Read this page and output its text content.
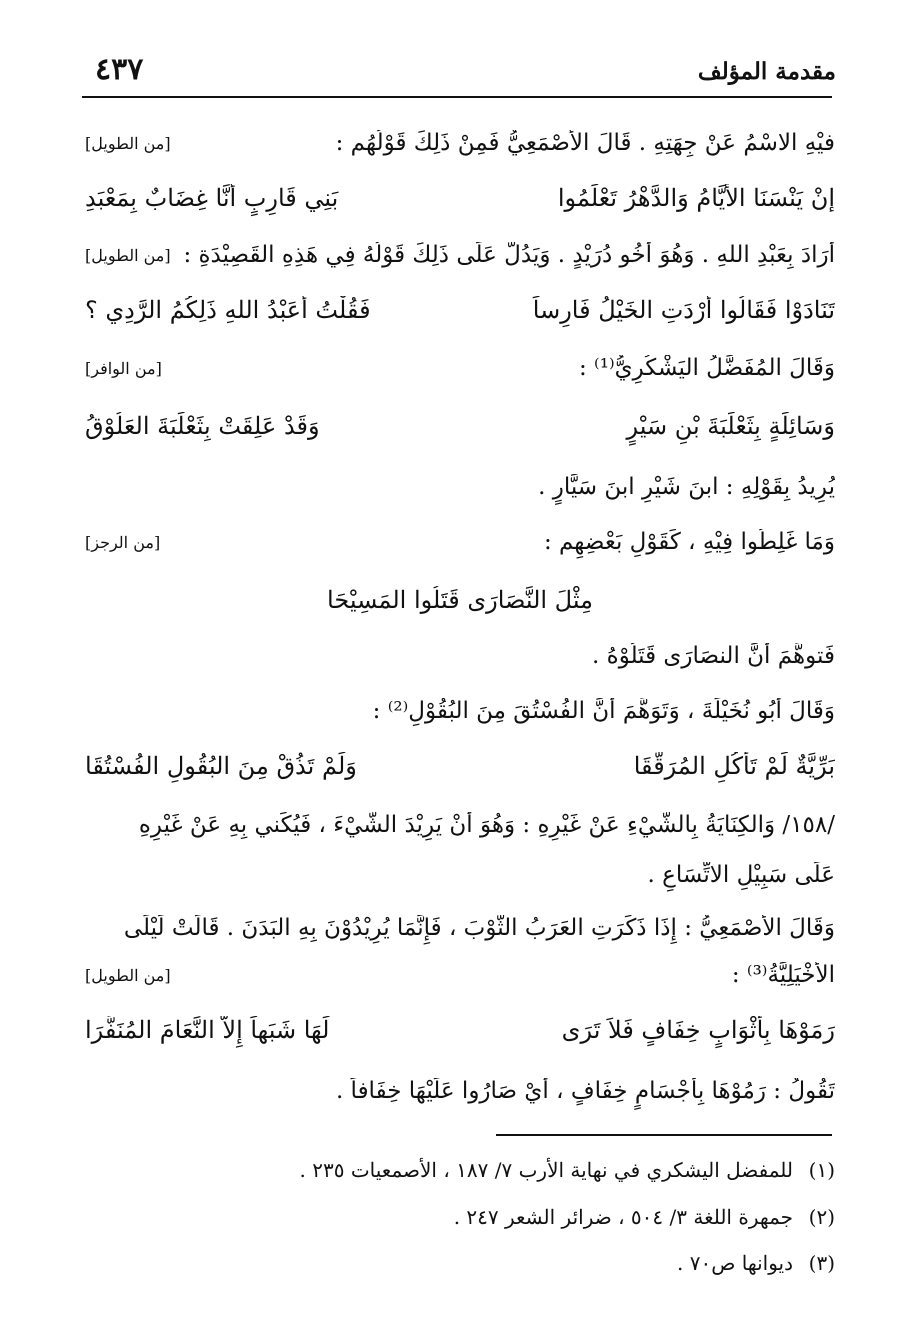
٤٣٧	مقدمة المؤلف
فيْهِ الاسْمُ عَنْ جِهَتِهِ . قَالَ الأَصْمَعِيُّ فَمِنْ ذَلِكَ قَوْلُهُم :
[من الطويل]
إنْ يَنْسَنَا الأَيَّامُ وَالدَّهْرُ تَعْلَمُوا
بَنِي قَارِبٍ أَنَّا غِضَابٌ بِمَعْبَدِ
أَرَادَ بِعَبْدِ اللهِ . وَهُوَ أَخُو دُرَيْدٍ . وَيَدُلُّ عَلَى ذَلِكَ قَوْلُهُ فِي هَذِهِ القَصِيْدَةِ :
[من الطويل]
تَنَادَوْا فَقَالُوا أَرْدَتِ الخَيْلُ فَارِساً
فَقُلْتُ أَعَبْدُ اللهِ ذَلِكُمُ الرَّدِي ؟
وَقَالَ المُفَضَّلُ اليَشْكُرِيُّ⁽¹⁾ :
[من الوافر]
وَسَائِلَةٍ بِثَعْلَبَةَ بْنِ سَيْرٍ
وَقَدْ عَلِقَتْ بِثَعْلَبَةَ العَلُوْقُ
يُرِيدُ بِقَوْلِهِ : ابنَ شَيْرِ ابنَ سَيَّارٍ .
وَمَا غَلِطُوا فِيْهِ ، كَقَوْلِ بَعْضِهِم :
[من الرجز]
مِثْلَ النَّصَارَى قَتَلُوا المَسِيْحَا
فَتوهَّمَ أَنَّ النصَارَى قَتَلُوْهُ .
وَقَالَ أَبُو نُخَيْلَةَ ، وَتَوَهَّمَ أَنَّ الفُسْتُقَ مِنَ البُقُوْلِ⁽²⁾ :
بَرِّيَّةٌ لَمْ تَأْكُلِ المُرَقَّقَا
وَلَمْ تَذُقْ مِنَ البُقُولِ الفُسْتُقَا
/١٥٨/ وَالكِنَايَةُ بِالشَّيْءِ عَنْ غَيْرِهِ : وَهُوَ أَنْ يَرِيْدَ الشَّيْءَ ، فَيُكَني بِهِ عَنْ غَيْرِهِ
عَلَى سَبِيْلِ الاتِّسَاعِ .
وَقَالَ الأَصْمَعِيُّ : إِذَا ذَكَرَتِ العَرَبُ الثَّوْبَ ، فَإِنَّمَا يُرِيْدُوْنَ بِهِ البَدَنَ . قَالَتْ لَيْلَى
الأَخْيَلِيَّةُ⁽³⁾ :
[من الطويل]
رَمَوْهَا بِأَثْوَابٍ خِفَافٍ فَلاَ تَرَى
لَهَا شَبَهاً إِلاَّ النَّعَامَ المُنَفَّرَا
تَقُولُ : رَمُوْهَا بِأَجْسَامٍ خِفَافٍ ، أَيْ صَارُوا عَلَيْهَا خِفَافاً .
(١)للمفضل اليشكري في نهاية الأرب ٧/ ١٨٧ ، الأصمعيات ٢٣٥ .
(٢)جمهرة اللغة ٣/ ٥٠٤ ، ضرائر الشعر ٢٤٧ .
(٣)ديوانها ص٧٠ .
